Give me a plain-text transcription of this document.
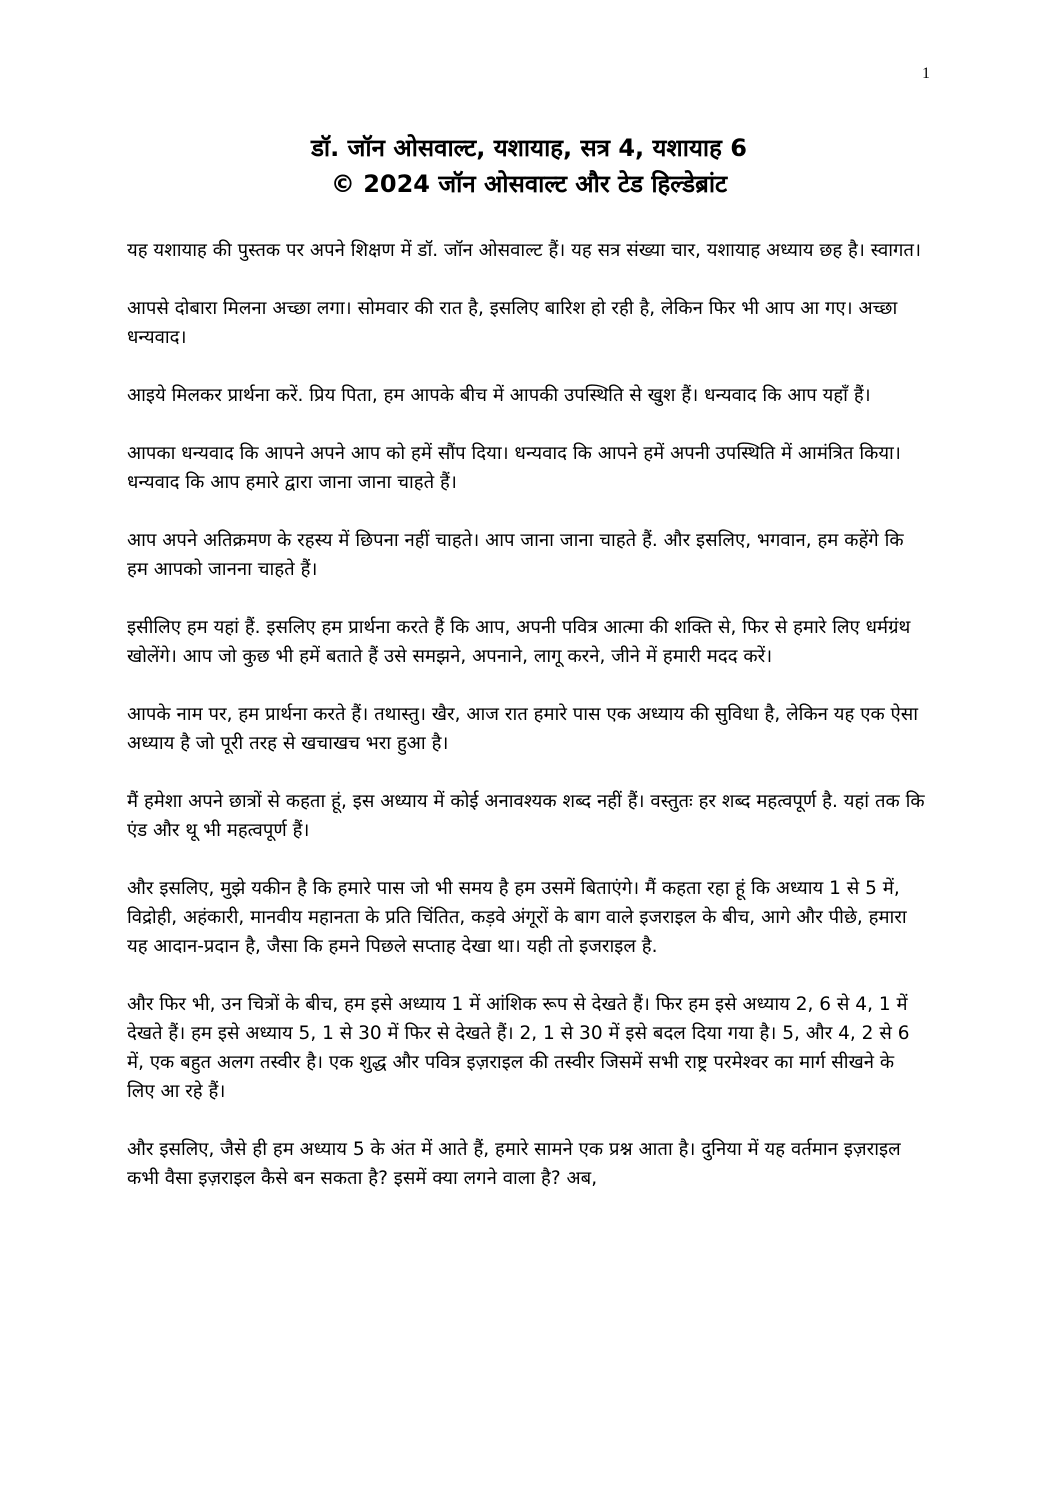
1
डॉ. जॉन ओसवाल्ट, यशायाह, सत्र 4, यशायाह 6
© 2024 जॉन ओसवाल्ट और टेड हिल्डेब्रांट

यह यशायाह की पुस्तक पर अपने शिक्षण में डॉ. जॉन ओसवाल्ट हैं। यह सत्र संख्या चार, यशायाह अध्याय छह है। स्वागत।

आपसे दोबारा मिलना अच्छा लगा। सोमवार की रात है, इसलिए बारिश हो रही है, लेकिन फिर भी आप आ गए। अच्छा धन्यवाद।

आइये मिलकर प्रार्थना करें. प्रिय पिता, हम आपके बीच में आपकी उपस्थिति से खुश हैं। धन्यवाद कि आप यहाँ हैं।

आपका धन्यवाद कि आपने अपने आप को हमें सौंप दिया। धन्यवाद कि आपने हमें अपनी उपस्थिति में आमंत्रित किया। धन्यवाद कि आप हमारे द्वारा जाना जाना चाहते हैं।

आप अपने अतिक्रमण के रहस्य में छिपना नहीं चाहते। आप जाना जाना चाहते हैं. और इसलिए, भगवान, हम कहेंगे कि हम आपको जानना चाहते हैं।

इसीलिए हम यहां हैं. इसलिए हम प्रार्थना करते हैं कि आप, अपनी पवित्र आत्मा की शक्ति से, फिर से हमारे लिए धर्मग्रंथ खोलेंगे। आप जो कुछ भी हमें बताते हैं उसे समझने, अपनाने, लागू करने, जीने में हमारी मदद करें।

आपके नाम पर, हम प्रार्थना करते हैं। तथास्तु। खैर, आज रात हमारे पास एक अध्याय की सुविधा है, लेकिन यह एक ऐसा अध्याय है जो पूरी तरह से खचाखच भरा हुआ है।

मैं हमेशा अपने छात्रों से कहता हूं, इस अध्याय में कोई अनावश्यक शब्द नहीं हैं। वस्तुतः हर शब्द महत्वपूर्ण है. यहां तक कि एंड और थू भी महत्वपूर्ण हैं।

और इसलिए, मुझे यकीन है कि हमारे पास जो भी समय है हम उसमें बिताएंगे। मैं कहता रहा हूं कि अध्याय 1 से 5 में, विद्रोही, अहंकारी, मानवीय महानता के प्रति चिंतित, कड़वे अंगूरों के बाग वाले इजराइल के बीच, आगे और पीछे, हमारा यह आदान-प्रदान है, जैसा कि हमने पिछले सप्ताह देखा था। यही तो इजराइल है.

और फिर भी, उन चित्रों के बीच, हम इसे अध्याय 1 में आंशिक रूप से देखते हैं। फिर हम इसे अध्याय 2, 6 से 4, 1 में देखते हैं। हम इसे अध्याय 5, 1 से 30 में फिर से देखते हैं। 2, 1 से 30 में इसे बदल दिया गया है। 5, और 4, 2 से 6 में, एक बहुत अलग तस्वीर है। एक शुद्ध और पवित्र इज़राइल की तस्वीर जिसमें सभी राष्ट्र परमेश्वर का मार्ग सीखने के लिए आ रहे हैं।

और इसलिए, जैसे ही हम अध्याय 5 के अंत में आते हैं, हमारे सामने एक प्रश्न आता है। दुनिया में यह वर्तमान इज़राइल कभी वैसा इज़राइल कैसे बन सकता है? इसमें क्या लगने वाला है? अब,
